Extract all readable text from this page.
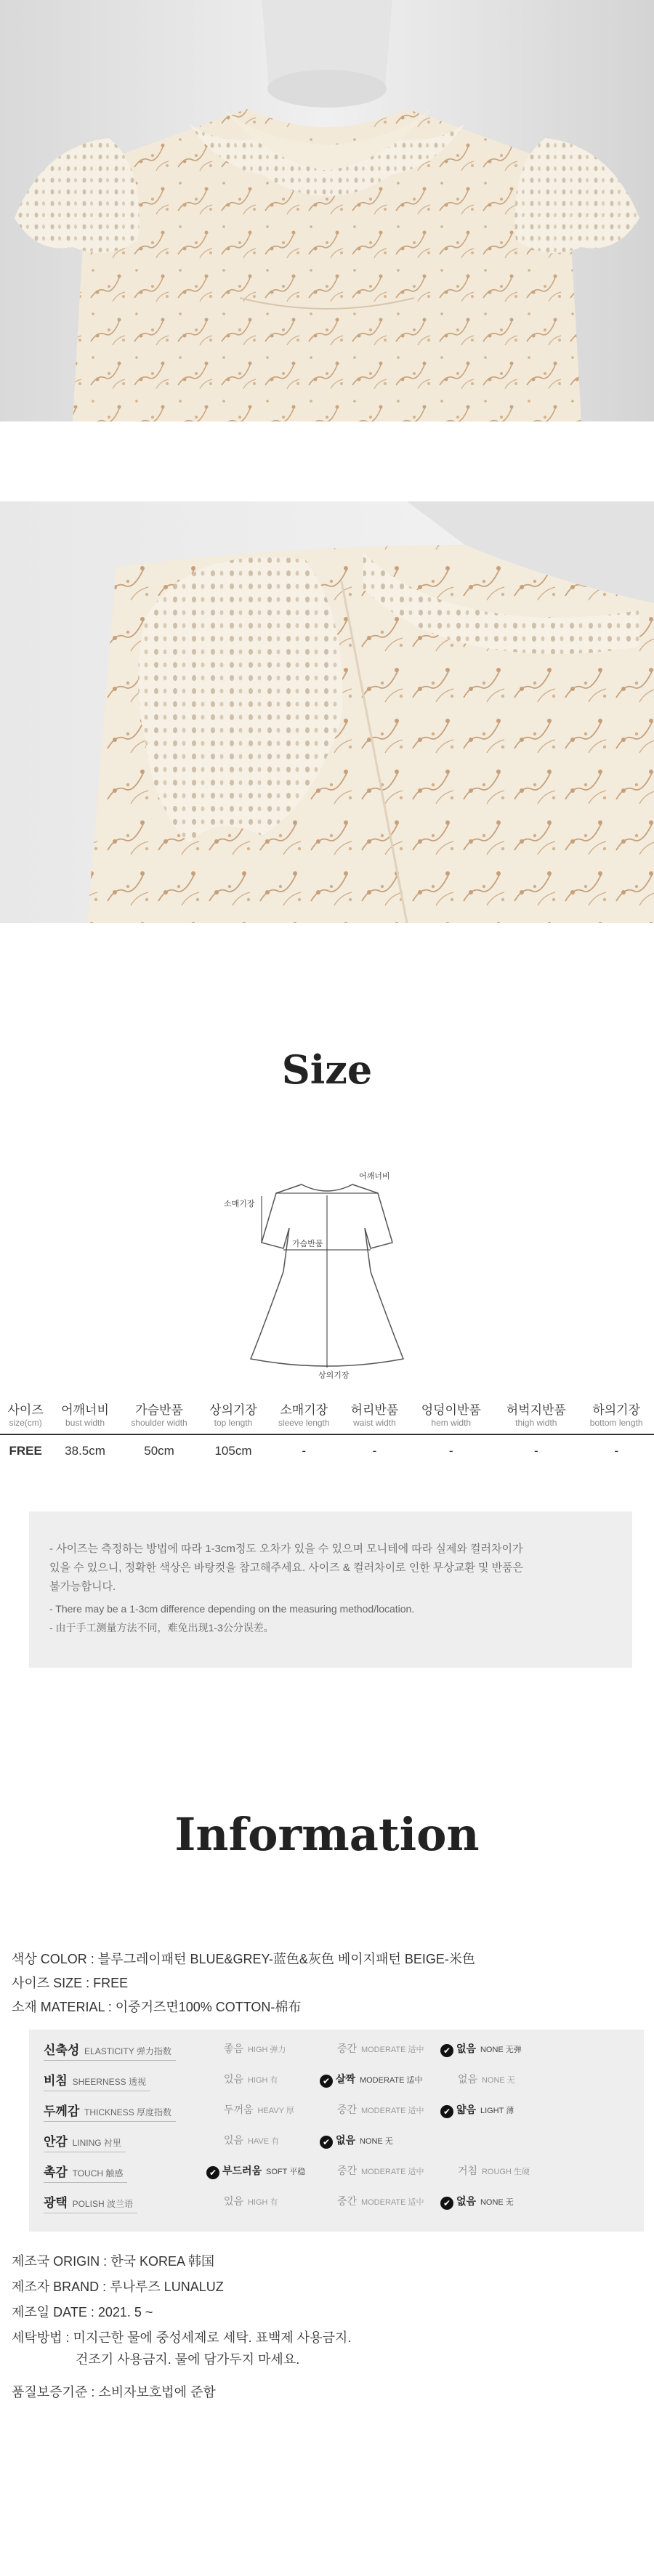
Size
어깨너비
소매기장
가슴반품
상의기장
사이즈	어깨너비	가슴반품	상의기장	소매기장	허리반품	엉덩이반품	허벅지반품	하의기장
size(cm)	bust width	shoulder width	top length	sleeve length	waist width	hem width	thigh width	bottom length
FREE	38.5cm	50cm	105cm	-	-	-	-	-
- 사이즈는 측정하는 방법에 따라 1-3cm정도 오차가 있을 수 있으며 모니테에 따라 실제와 컬러차이가
있을 수 있으니, 정확한 색상은 바탕컷을 참고해주세요. 사이즈 & 컬러차이로 인한 무상교환 및 반품은
불가능합니다.
- There may be a 1-3cm difference depending on the measuring method/location.
- 由于手工测量方法不同，难免出现1-3公分误差。
Information
색상 COLOR : 블루그레이패턴 BLUE&GREY-蓝色&灰色 베이지패턴 BEIGE-米色
사이즈 SIZE : FREE
소재 MATERIAL : 이중거즈면100% COTTON-棉布
신축성 ELASTICITY 弹力指数	좋음 HIGH 弹力	중간 MODERATE 适中	✔ 없음 NONE 无弹
비침 SHEERNESS 透视	있음 HIGH 有	✔ 살짝 MODERATE 适中	없음 NONE 无
두께감 THICKNESS 厚度指数	두꺼움 HEAVY 厚	중간 MODERATE 适中	✔ 얇음 LIGHT 薄
안감 LINING 衬里	있음 HAVE 有	✔ 없음 NONE 无
촉감 TOUCH 触感	✔ 부드러움 SOFT 平稳	중간 MODERATE 适中	거침 ROUGH 生硬
광택 POLISH 波兰语	있음 HIGH 有	중간 MODERATE 适中	✔ 없음 NONE 无
제조국 ORIGIN : 한국 KOREA 韩国
제조자 BRAND : 루나루즈 LUNALUZ
제조일 DATE : 2021. 5 ~
세탁방법 : 미지근한 물에 중성세제로 세탁. 표백제 사용금지.
건조기 사용금지. 물에 담가두지 마세요.
품질보증기준 : 소비자보호법에 준함
